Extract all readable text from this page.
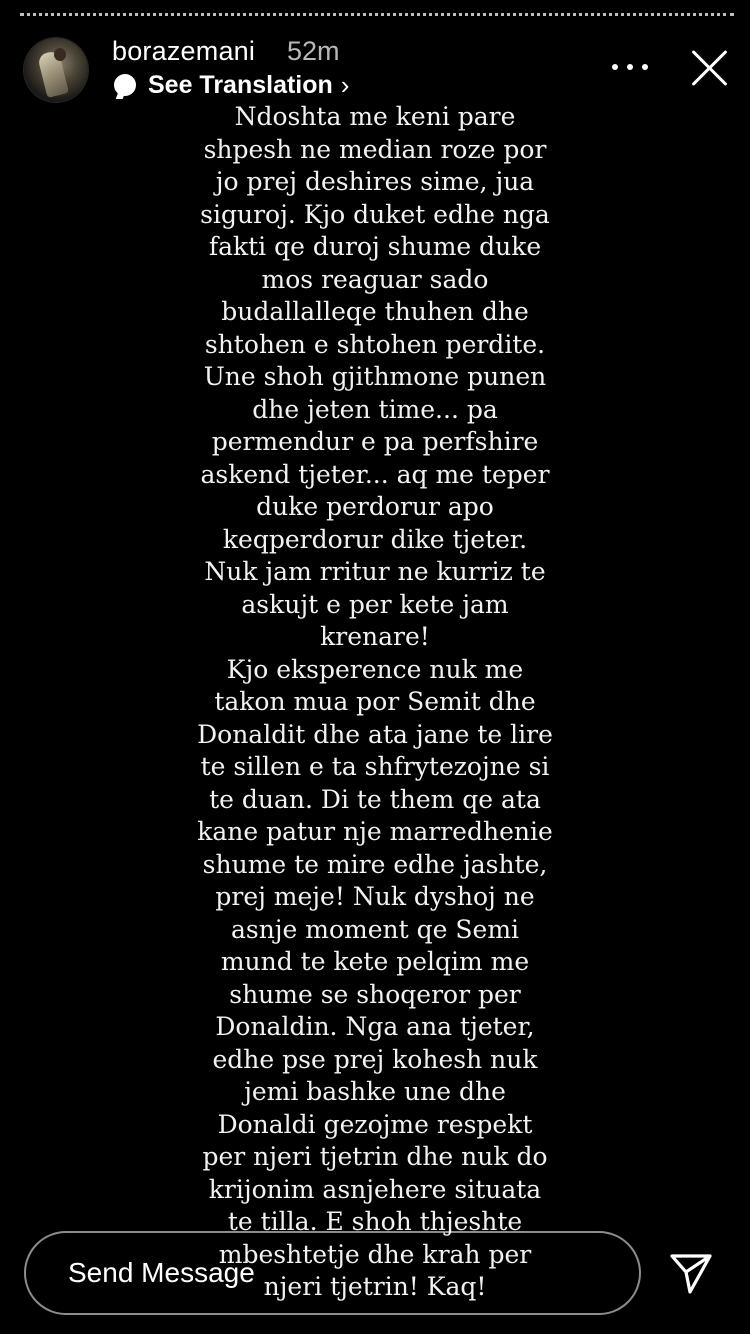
borazemani 52m
See Translation ›
Ndoshta me keni pare
shpesh ne median roze por
jo prej deshires sime, jua
siguroj. Kjo duket edhe nga
fakti qe duroj shume duke
mos reaguar sado
budallalleqe thuhen dhe
shtohen e shtohen perdite.
Une shoh gjithmone punen
dhe jeten time... pa
permendur e pa perfshire
askend tjeter... aq me teper
duke perdorur apo
keqperdorur dike tjeter.
Nuk jam rritur ne kurriz te
askujt e per kete jam
krenare!
Kjo eksperence nuk me
takon mua por Semit dhe
Donaldit dhe ata jane te lire
te sillen e ta shfrytezojne si
te duan. Di te them qe ata
kane patur nje marredhenie
shume te mire edhe jashte,
prej meje! Nuk dyshoj ne
asnje moment qe Semi
mund te kete pelqim me
shume se shoqeror per
Donaldin. Nga ana tjeter,
edhe pse prej kohesh nuk
jemi bashke une dhe
Donaldi gezojme respekt
per njeri tjetrin dhe nuk do
krijonim asnjehere situata
te tilla. E shoh thjeshte
mbeshtetje dhe krah per
njeri tjetrin! Kaq!
Send Message
